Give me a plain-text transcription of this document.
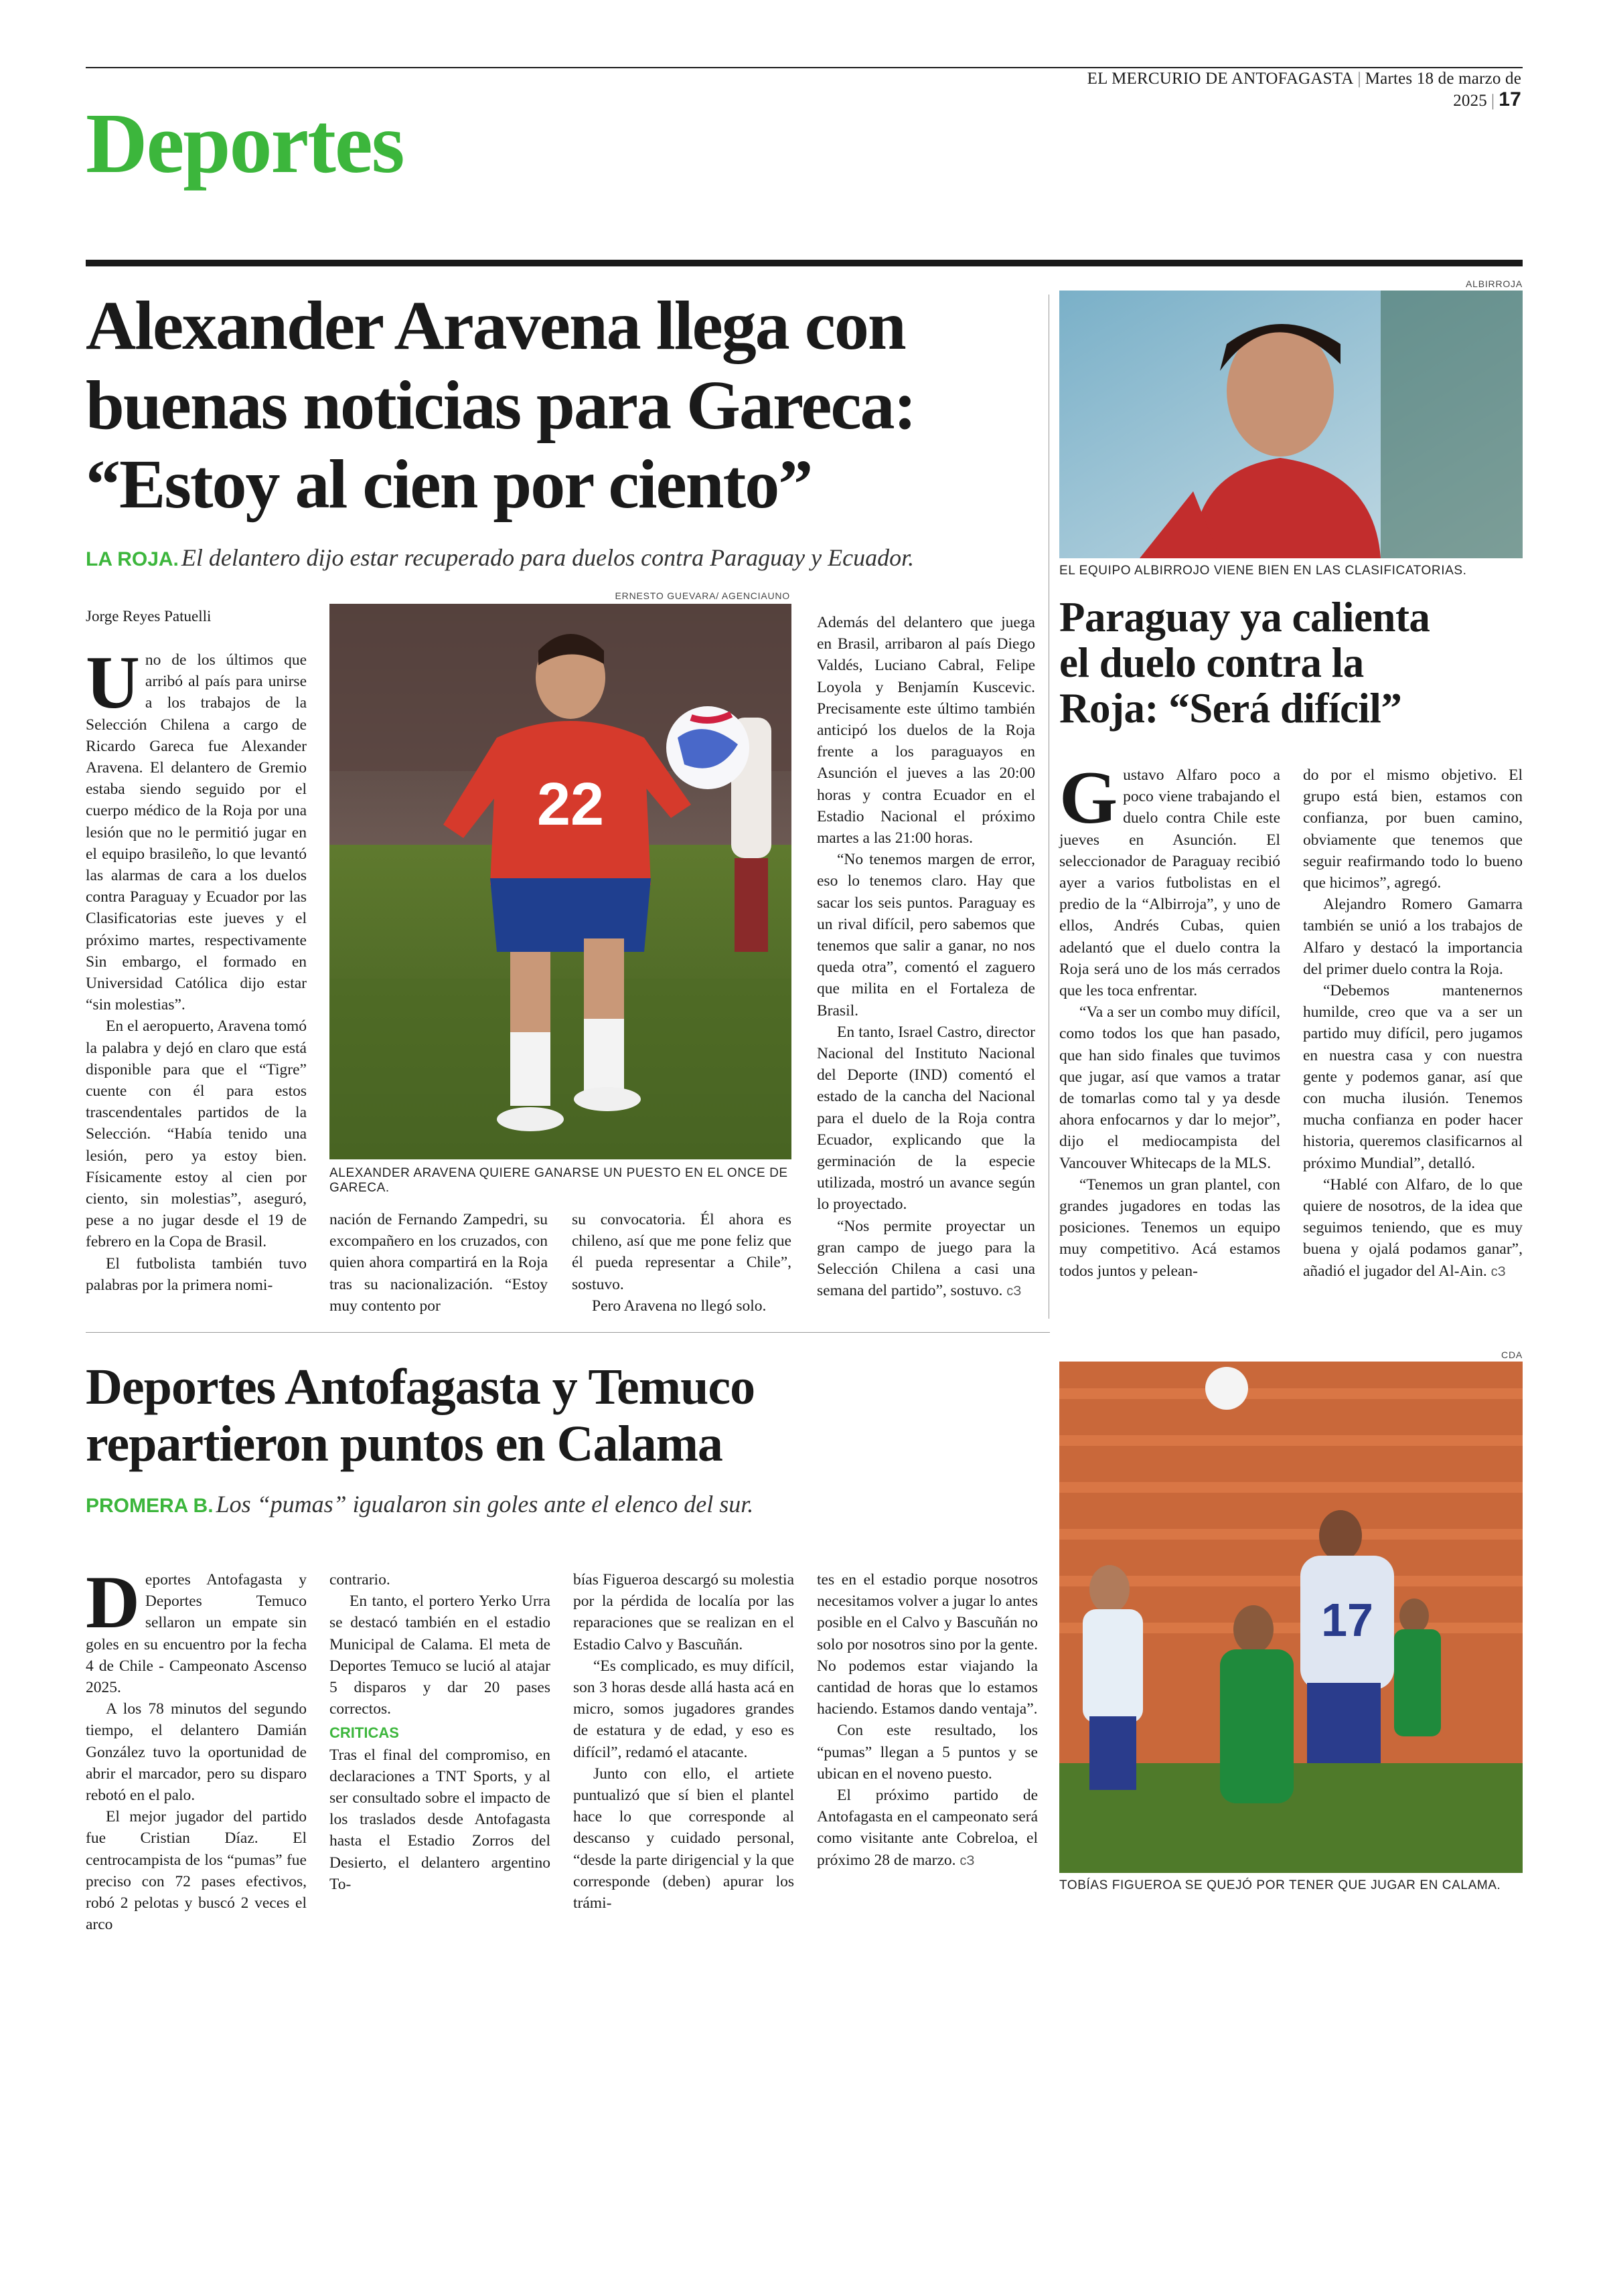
EL MERCURIO DE ANTOFAGASTA | Martes 18 de marzo de 2025 | 17
Deportes
Alexander Aravena llega con
buenas noticias para Gareca:
“Estoy al cien por ciento”
LA ROJA. El delantero dijo estar recuperado para duelos contra Paraguay y Ecuador.
Jorge Reyes Patuelli
ERNESTO GUEVARA/ AGENCIAUNO
22
ALEXANDER ARAVENA QUIERE GANARSE UN PUESTO EN EL ONCE DE GARECA.

Uno de los últimos que arribó al país para unirse a los trabajos de la Selección Chilena a cargo de Ricardo Gareca fue Alexander Aravena. El delantero de Gremio estaba siendo seguido por el cuerpo médico de la Roja por una lesión que no le permitió jugar en el equipo brasileño, lo que levantó las alarmas de cara a los duelos contra Paraguay y Ecuador por las Clasificatorias este jueves y el próximo martes, respectivamente Sin embargo, el formado en Universidad Católica dijo estar “sin molestias”.

En el aeropuerto, Aravena tomó la palabra y dejó en claro que está disponible para que el “Tigre” cuente con él para estos trascendentales partidos de la Selección. “Había tenido una lesión, pero ya estoy bien. Físicamente estoy al cien por ciento, sin molestias”, aseguró, pese a no jugar desde el 19 de febrero en la Copa de Brasil.

El futbolista también tuvo palabras por la primera nomi-

nación de Fernando Zampedri, su excompañero en los cruzados, con quien ahora compartirá en la Roja tras su nacionalización. “Estoy muy contento por

su convocatoria. Él ahora es chileno, así que me pone feliz que él pueda representar a Chile”, sostuvo.

Pero Aravena no llegó solo.

Además del delantero que juega en Brasil, arribaron al país Diego Valdés, Luciano Cabral, Felipe Loyola y Benjamín Kuscevic. Precisamente este último también anticipó los duelos de la Roja frente a los paraguayos en Asunción el jueves a las 20:00 horas y contra Ecuador en el Estadio Nacional el próximo martes a las 21:00 horas.

“No tenemos margen de error, eso lo tenemos claro. Hay que sacar los seis puntos. Paraguay es un rival difícil, pero sabemos que tenemos que salir a ganar, no nos queda otra”, comentó el zaguero que milita en el Fortaleza de Brasil.

En tanto, Israel Castro, director Nacional del Instituto Nacional del Deporte (IND) comentó el estado de la cancha del Nacional para el duelo de la Roja contra Ecuador, explicando que la germinación de la especie utilizada, mostró un avance según lo proyectado.

“Nos permite proyectar un gran campo de juego para la Selección Chilena a casi una semana del partido”, sostuvo. cЗ

ALBIRROJA
EL EQUIPO ALBIRROJO VIENE BIEN EN LAS CLASIFICATORIAS.
Paraguay ya calienta
el duelo contra la
Roja: “Será difícil”

Gustavo Alfaro poco a poco viene trabajando el duelo contra Chile este jueves en Asunción. El seleccionador de Paraguay recibió ayer a varios futbolistas en el predio de la “Albirroja”, y uno de ellos, Andrés Cubas, quien adelantó que el duelo contra la Roja será uno de los más cerrados que les toca enfrentar.

“Va a ser un combo muy difícil, como todos los que han pasado, que han sido finales que tuvimos que jugar, así que vamos a tratar de tomarlas como tal y ya desde ahora enfocarnos y dar lo mejor”, dijo el mediocampista del Vancouver Whitecaps de la MLS.

“Tenemos un gran plantel, con grandes jugadores en todas las posiciones. Tenemos un equipo muy competitivo. Acá estamos todos juntos y pelean-

do por el mismo objetivo. El grupo está bien, estamos con confianza, por buen camino, obviamente que tenemos que seguir reafirmando todo lo bueno que hicimos”, agregó.

Alejandro Romero Gamarra también se unió a los trabajos de Alfaro y destacó la importancia del primer duelo contra la Roja.

“Debemos mantenernos humilde, creo que va a ser un partido muy difícil, pero jugamos en nuestra casa y con nuestra gente y podemos ganar, así que con mucha ilusión. Tenemos mucha confianza en poder hacer historia, queremos clasificarnos al próximo Mundial”, detalló.

“Hablé con Alfaro, de lo que quiere de nosotros, de la idea que seguimos teniendo, que es muy buena y ojalá podamos ganar”, añadió el jugador del Al-Ain. cЗ

Deportes Antofagasta y Temuco
repartieron puntos en Calama
PROMERA B. Los “pumas” igualaron sin goles ante el elenco del sur.
CDA
17
TOBÍAS FIGUEROA SE QUEJÓ POR TENER QUE JUGAR EN CALAMA.

Deportes Antofagasta y Deportes Temuco sellaron un empate sin goles en su encuentro por la fecha 4 de Chile - Campeonato Ascenso 2025.

A los 78 minutos del segundo tiempo, el delantero Damián González tuvo la oportunidad de abrir el marcador, pero su disparo rebotó en el palo.

El mejor jugador del partido fue Cristian Díaz. El centrocampista de los “pumas” fue preciso con 72 pases efectivos, robó 2 pelotas y buscó 2 veces el arco

contrario.

En tanto, el portero Yerko Urra se destacó también en el estadio Municipal de Calama. El meta de Deportes Temuco se lució al atajar 5 disparos y dar 20 pases correctos.

CRITICAS

Tras el final del compromiso, en declaraciones a TNT Sports, y al ser consultado sobre el impacto de los traslados desde Antofagasta hasta el Estadio Zorros del Desierto, el delantero argentino To-

bías Figueroa descargó su molestia por la pérdida de localía por las reparaciones que se realizan en el Estadio Calvo y Bascuñán.

“Es complicado, es muy difícil, son 3 horas desde allá hasta acá en micro, somos jugadores grandes de estatura y de edad, y eso es difícil”, redamó el atacante.

Junto con ello, el artiete puntualizó que sí bien el plantel hace lo que corresponde al descanso y cuidado personal, “desde la parte dirigencial y la que corresponde (deben) apurar los trámi-

tes en el estadio porque nosotros necesitamos volver a jugar lo antes posible en el Calvo y Bascuñán no solo por nosotros sino por la gente. No podemos estar viajando la cantidad de horas que lo estamos haciendo. Estamos dando ventaja”.

Con este resultado, los “pumas” llegan a 5 puntos y se ubican en el noveno puesto.

El próximo partido de Antofagasta en el campeonato será como visitante ante Cobreloa, el próximo 28 de marzo. cЗ
